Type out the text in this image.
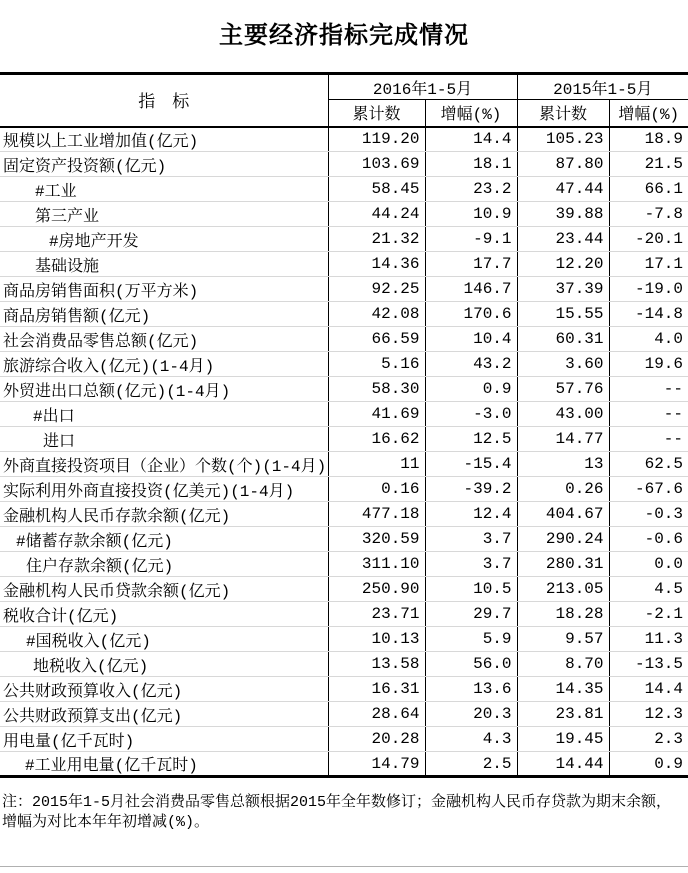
主要经济指标完成情况
指　标	2016年1-5月		2015年1-5月	
	累计数	增幅(%)	累计数	增幅(%)
规模以上工业增加值(亿元)	119.20	14.4	105.23	18.9
固定资产投资额(亿元)	103.69	18.1	87.80	21.5
#工业	58.45	23.2	47.44	66.1
第三产业	44.24	10.9	39.88	-7.8
#房地产开发	21.32	-9.1	23.44	-20.1
基础设施	14.36	17.7	12.20	17.1
商品房销售面积(万平方米)	92.25	146.7	37.39	-19.0
商品房销售额(亿元)	42.08	170.6	15.55	-14.8
社会消费品零售总额(亿元)	66.59	10.4	60.31	4.0
旅游综合收入(亿元)(1-4月)	5.16	43.2	3.60	19.6
外贸进出口总额(亿元)(1-4月)	58.30	0.9	57.76	--
#出口	41.69	-3.0	43.00	--
进口	16.62	12.5	14.77	--
外商直接投资项目（企业）个数(个)(1-4月)	11	-15.4	13	62.5
实际利用外商直接投资(亿美元)(1-4月)	0.16	-39.2	0.26	-67.6
金融机构人民币存款余额(亿元)	477.18	12.4	404.67	-0.3
#储蓄存款余额(亿元)	320.59	3.7	290.24	-0.6
住户存款余额(亿元)	311.10	3.7	280.31	0.0
金融机构人民币贷款余额(亿元)	250.90	10.5	213.05	4.5
税收合计(亿元)	23.71	29.7	18.28	-2.1
#国税收入(亿元)	10.13	5.9	9.57	11.3
地税收入(亿元)	13.58	56.0	8.70	-13.5
公共财政预算收入(亿元)	16.31	13.6	14.35	14.4
公共财政预算支出(亿元)	28.64	20.3	23.81	12.3
用电量(亿千瓦时)	20.28	4.3	19.45	2.3
#工业用电量(亿千瓦时)	14.79	2.5	14.44	0.9
注：2015年1-5月社会消费品零售总额根据2015年全年数修订；金融机构人民币存贷款为期末余额，增幅为对比本年年初增减(%)。
